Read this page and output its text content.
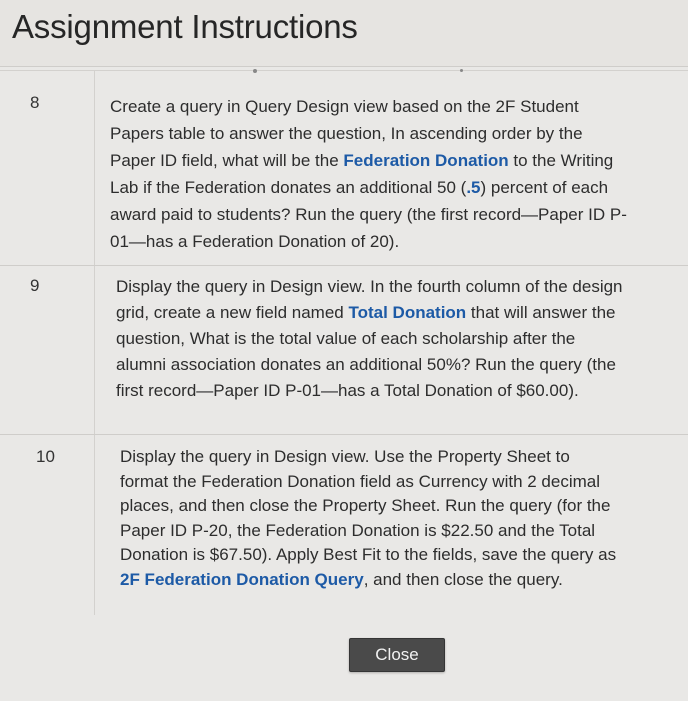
Assignment Instructions
8	Create a query in Query Design view based on the 2F Student Papers table to answer the question, In ascending order by the Paper ID field, what will be the Federation Donation to the Writing Lab if the Federation donates an additional 50 (.5) percent of each award paid to students? Run the query (the first record—Paper ID P-01—has a Federation Donation of 20).
9	Display the query in Design view. In the fourth column of the design grid, create a new field named Total Donation that will answer the question, What is the total value of each scholarship after the alumni association donates an additional 50%? Run the query (the first record—Paper ID P-01—has a Total Donation of $60.00).
10	Display the query in Design view. Use the Property Sheet to format the Federation Donation field as Currency with 2 decimal places, and then close the Property Sheet. Run the query (for the Paper ID P-20, the Federation Donation is $22.50 and the Total Donation is $67.50). Apply Best Fit to the fields, save the query as 2F Federation Donation Query, and then close the query.
Close
